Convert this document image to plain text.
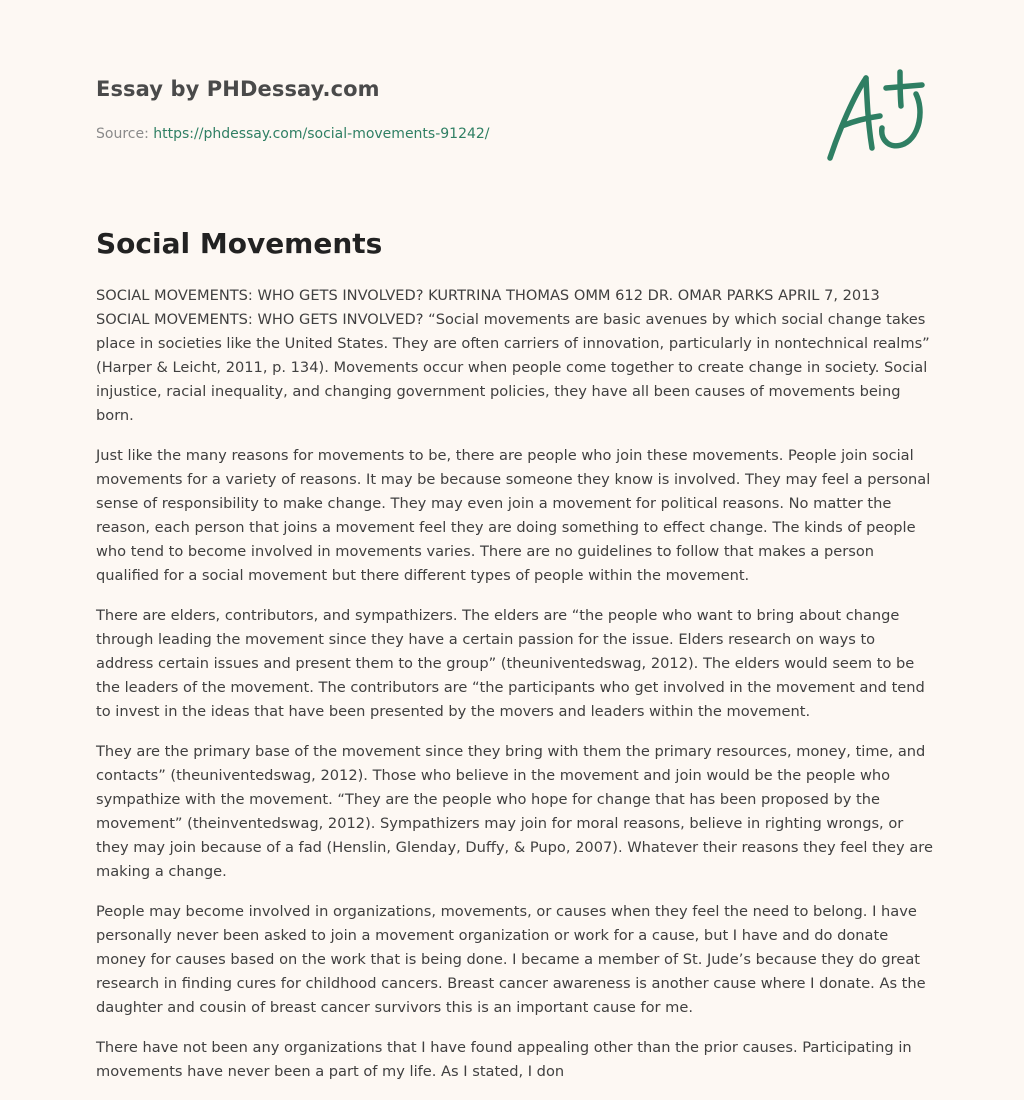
Essay by PHDessay.com
Source: https://phdessay.com/social-movements-91242/
Social Movements

SOCIAL MOVEMENTS: WHO GETS INVOLVED? KURTRINA THOMAS OMM 612 DR. OMAR PARKS APRIL 7, 2013 SOCIAL MOVEMENTS: WHO GETS INVOLVED? “Social movements are basic avenues by which social change takes place in societies like the United States. They are often carriers of innovation, particularly in nontechnical realms” (Harper & Leicht, 2011, p. 134). Movements occur when people come together to create change in society. Social injustice, racial inequality, and changing government policies, they have all been causes of movements being born.

Just like the many reasons for movements to be, there are people who join these movements. People join social movements for a variety of reasons. It may be because someone they know is involved. They may feel a personal sense of responsibility to make change. They may even join a movement for political reasons. No matter the reason, each person that joins a movement feel they are doing something to effect change. The kinds of people who tend to become involved in movements varies. There are no guidelines to follow that makes a person qualified for a social movement but there different types of people within the movement.

There are elders, contributors, and sympathizers. The elders are “the people who want to bring about change through leading the movement since they have a certain passion for the issue. Elders research on ways to address certain issues and present them to the group” (theuniventedswag, 2012). The elders would seem to be the leaders of the movement. The contributors are “the participants who get involved in the movement and tend to invest in the ideas that have been presented by the movers and leaders within the movement.

They are the primary base of the movement since they bring with them the primary resources, money, time, and contacts” (theuniventedswag, 2012). Those who believe in the movement and join would be the people who sympathize with the movement. “They are the people who hope for change that has been proposed by the movement” (theinventedswag, 2012). Sympathizers may join for moral reasons, believe in righting wrongs, or they may join because of a fad (Henslin, Glenday, Duffy, & Pupo, 2007). Whatever their reasons they feel they are making a change.

People may become involved in organizations, movements, or causes when they feel the need to belong. I have personally never been asked to join a movement organization or work for a cause, but I have and do donate money for causes based on the work that is being done. I became a member of St. Jude’s because they do great research in finding cures for childhood cancers. Breast cancer awareness is another cause where I donate. As the daughter and cousin of breast cancer survivors this is an important cause for me.

There have not been any organizations that I have found appealing other than the prior causes. Participating in movements have never been a part of my life. As I stated, I don
